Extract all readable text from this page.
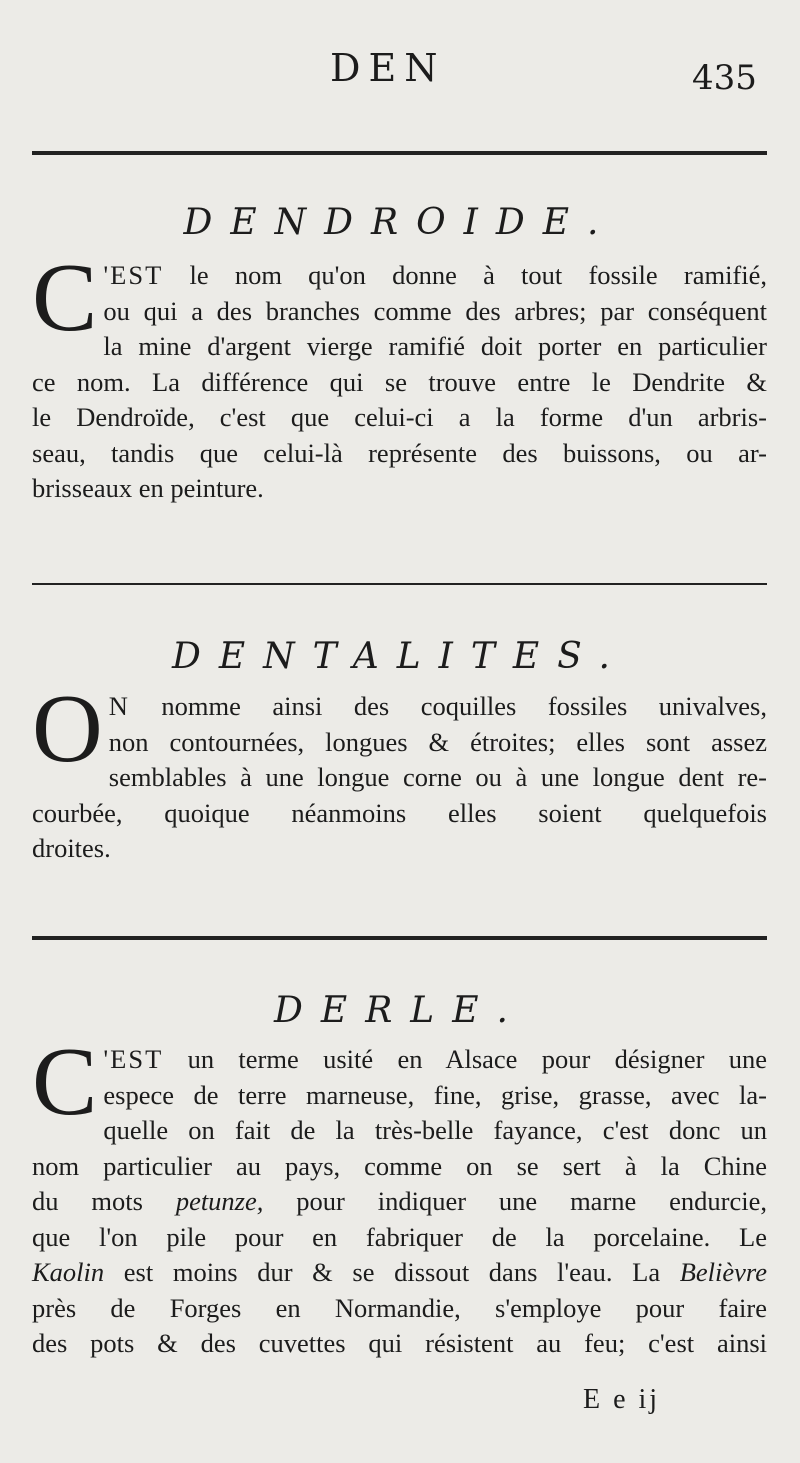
DEN	435
DENDROIDE.
C 'EST le nom qu'on donne à tout fossile ramifié,
ou qui a des branches comme des arbres; par conséquent
la mine d'argent vierge ramifié doit porter en particulier
ce nom. La différence qui se trouve entre le Dendrite &
le Dendroïde, c'est que celui-ci a la forme d'un arbris-
seau, tandis que celui-là représente des buissons, ou ar-
brisseaux en peinture.
DENTALITES.
O N nomme ainsi des coquilles fossiles univalves,
non contournées, longues & étroites; elles sont assez
semblables à une longue corne ou à une longue dent re-
courbée, quoique néanmoins elles soient quelquefois
droites.
DERLE.
C 'EST un terme usité en Alsace pour désigner une
espece de terre marneuse, fine, grise, grasse, avec la-
quelle on fait de la très-belle fayance, c'est donc un
nom particulier au pays, comme on se sert à la Chine
du mots petunze, pour indiquer une marne endurcie,
que l'on pile pour en fabriquer de la porcelaine. Le
Kaolin est moins dur & se dissout dans l'eau. La Belièvre
près de Forges en Normandie, s'employe pour faire
des pots & des cuvettes qui résistent au feu; c'est ainsi
E e ij
